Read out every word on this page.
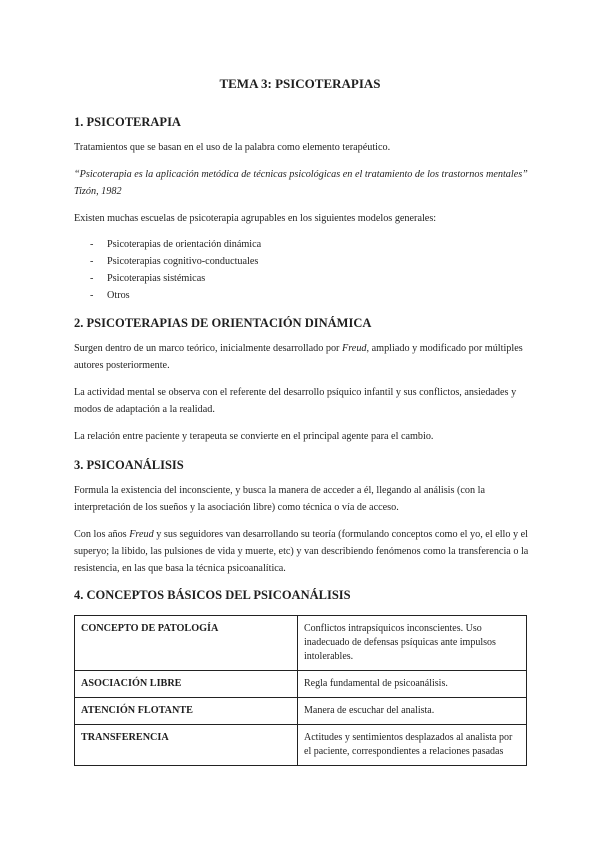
TEMA 3: PSICOTERAPIAS
1. PSICOTERAPIA
Tratamientos que se basan en el uso de la palabra como elemento terapéutico.
“Psicoterapia es la aplicación metódica de técnicas psicológicas en el tratamiento de los trastornos mentales”
Tizón, 1982
Existen muchas escuelas de psicoterapia agrupables en los siguientes modelos generales:
- Psicoterapias de orientación dinámica
- Psicoterapias cognitivo-conductuales
- Psicoterapias sistémicas
- Otros
2. PSICOTERAPIAS DE ORIENTACIÓN DINÁMICA
Surgen dentro de un marco teórico, inicialmente desarrollado por Freud, ampliado y modificado por múltiples autores posteriormente.
La actividad mental se observa con el referente del desarrollo psíquico infantil y sus conflictos, ansiedades y modos de adaptación a la realidad.
La relación entre paciente y terapeuta se convierte en el principal agente para el cambio.
3. PSICOANÁLISIS
Formula la existencia del inconsciente, y busca la manera de acceder a él, llegando al análisis (con la interpretación de los sueños y la asociación libre) como técnica o vía de acceso.
Con los años Freud y sus seguidores van desarrollando su teoría (formulando conceptos como el yo, el ello y el superyo; la libido, las pulsiones de vida y muerte, etc) y van describiendo fenómenos como la transferencia o la resistencia, en las que basa la técnica psicoanalítica.
4. CONCEPTOS BÁSICOS DEL PSICOANÁLISIS
CONCEPTO DE PATOLOGÍA	Conflictos intrapsíquicos inconscientes. Uso inadecuado de defensas psíquicas ante impulsos intolerables.
ASOCIACIÓN LIBRE	Regla fundamental de psicoanálisis.
ATENCIÓN FLOTANTE	Manera de escuchar del analista.
TRANSFERENCIA	Actitudes y sentimientos desplazados al analista por el paciente, correspondientes a relaciones pasadas
